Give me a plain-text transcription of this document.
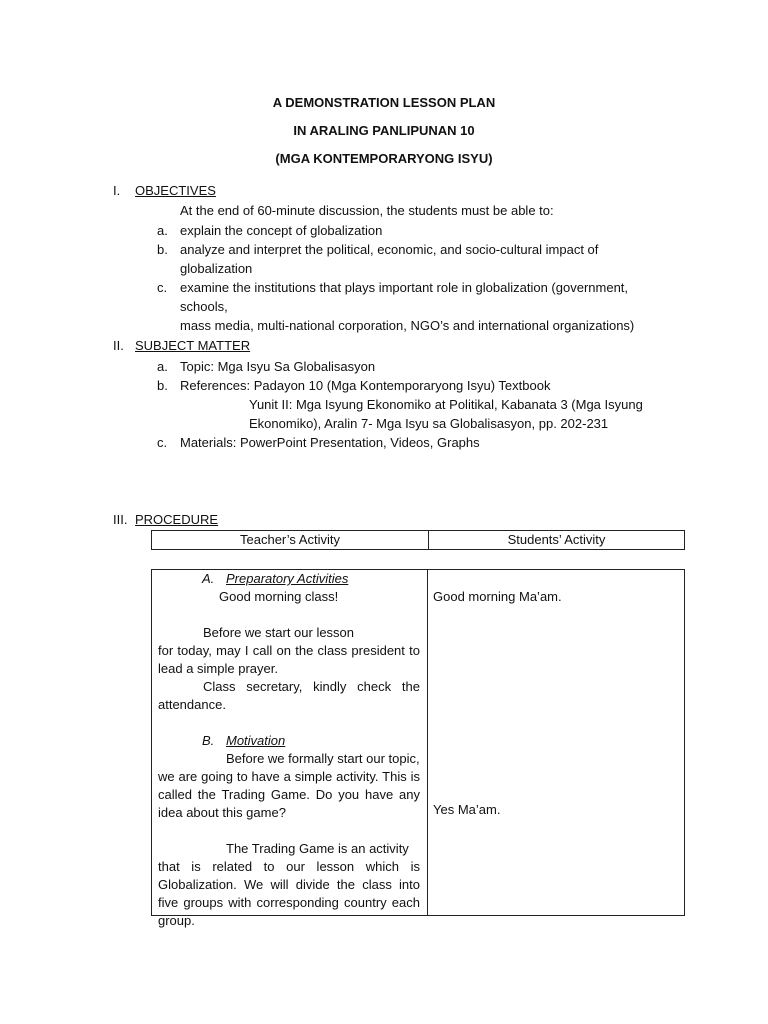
A DEMONSTRATION LESSON PLAN
IN ARALING PANLIPUNAN 10
(MGA KONTEMPORARYONG ISYU)
I. OBJECTIVES
At the end of 60-minute discussion, the students must be able to:
a. explain the concept of globalization
b. analyze and interpret the political, economic, and socio-cultural impact of globalization
c. examine the institutions that plays important role in globalization (government, schools,
mass media, multi-national corporation, NGO’s and international organizations)
II. SUBJECT MATTER
a. Topic: Mga Isyu Sa Globalisasyon
b. References: Padayon 10 (Mga Kontemporaryong Isyu) Textbook
Yunit II: Mga Isyung Ekonomiko at Politikal, Kabanata 3 (Mga Isyung
Ekonomiko), Aralin 7- Mga Isyu sa Globalisasyon, pp. 202-231
c. Materials: PowerPoint Presentation, Videos, Graphs
III. PROCEDURE
Teacher’s Activity	Students’ Activity
A. Preparatory Activities
Good morning class!
Before we start our lesson
for today, may I call on the class president to lead a simple prayer.
Class secretary, kindly check the
attendance.
B. Motivation
Before we formally start our topic,
we are going to have a simple activity. This is called the Trading Game. Do you have any idea about this game?
The Trading Game is an activity
that is related to our lesson which is Globalization. We will divide the class into five groups with corresponding country each group.
Good morning Ma’am.
Yes Ma’am.
